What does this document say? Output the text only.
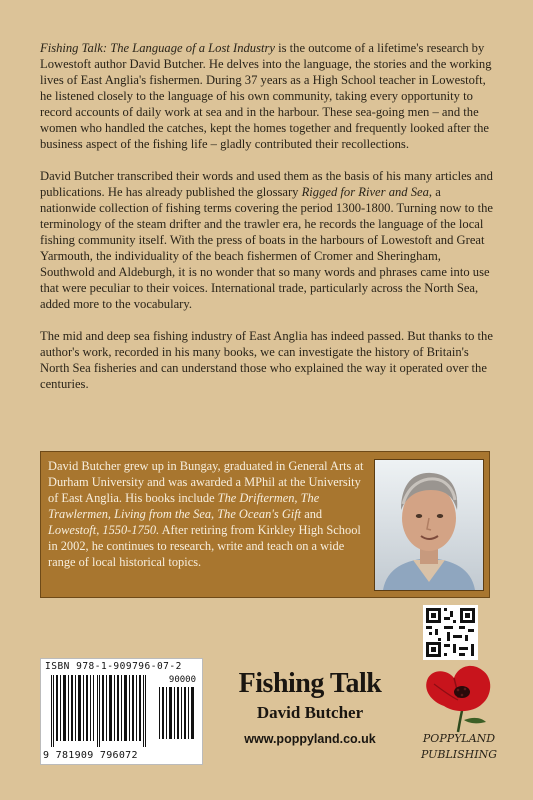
Fishing Talk: The Language of a Lost Industry is the outcome of a lifetime's research by Lowestoft author David Butcher. He delves into the language, the stories and the working lives of East Anglia's fishermen. During 37 years as a High School teacher in Lowestoft, he listened closely to the language of his own community, taking every opportunity to record accounts of daily work at sea and in the harbour. These sea-going men – and the women who handled the catches, kept the homes together and frequently looked after the business aspect of the fishing life – gladly contributed their recollections.

David Butcher transcribed their words and used them as the basis of his many articles and publications. He has already published the glossary Rigged for River and Sea, a nationwide collection of fishing terms covering the period 1300-1800. Turning now to the terminology of the steam drifter and the trawler era, he records the language of the local fishing community itself. With the press of boats in the harbours of Lowestoft and Great Yarmouth, the individuality of the beach fishermen of Cromer and Sheringham, Southwold and Aldeburgh, it is no wonder that so many words and phrases came into use that were peculiar to their voices. International trade, particularly across the North Sea, added more to the vocabulary.

The mid and deep sea fishing industry of East Anglia has indeed passed. But thanks to the author's work, recorded in his many books, we can investigate the history of Britain's North Sea fisheries and can understand those who explained the way it operated over the centuries.

David Butcher grew up in Bungay, graduated in General Arts at Durham University and was awarded a MPhil at the University of East Anglia. His books include The Driftermen, The Trawlermen, Living from the Sea, The Ocean's Gift and Lowestoft, 1550-1750. After retiring from Kirkley High School in 2002, he continues to research, write and teach on a wide range of local historical topics.
ISBN 978-1-909796-07-2
90000
9 781909 796072
Fishing Talk
David Butcher
www.poppyland.co.uk	POPPYLAND
PUBLISHING
